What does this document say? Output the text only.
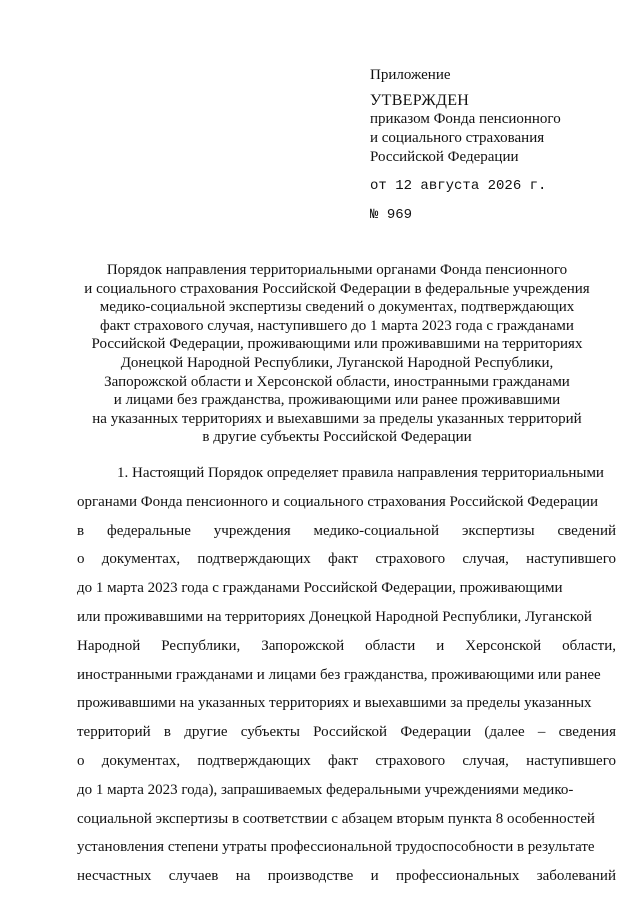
Приложение
УТВЕРЖДЕН
приказом Фонда пенсионного
и социального страхования
Российской Федерации
от 12 августа 2026 г.
№ 969
Порядок направления территориальными органами Фонда пенсионного
и социального страхования Российской Федерации в федеральные учреждения
медико-социальной экспертизы сведений о документах, подтверждающих
факт страхового случая, наступившего до 1 марта 2023 года с гражданами
Российской Федерации, проживающими или проживавшими на территориях
Донецкой Народной Республики, Луганской Народной Республики,
Запорожской области и Херсонской области, иностранными гражданами
и лицами без гражданства, проживающими или ранее проживавшими
на указанных территориях и выехавшими за пределы указанных территорий
в другие субъекты Российской Федерации
1. Настоящий Порядок определяет правила направления территориальными
органами Фонда пенсионного и социального страхования Российской Федерации
в федеральные учреждения медико-социальной экспертизы сведений
о документах, подтверждающих факт страхового случая, наступившего
до 1 марта 2023 года с гражданами Российской Федерации, проживающими
или проживавшими на территориях Донецкой Народной Республики, Луганской
Народной Республики, Запорожской области и Херсонской области,
иностранными гражданами и лицами без гражданства, проживающими или ранее
проживавшими на указанных территориях и выехавшими за пределы указанных
территорий в другие субъекты Российской Федерации (далее – сведения
о документах, подтверждающих факт страхового случая, наступившего
до 1 марта 2023 года), запрашиваемых федеральными учреждениями медико-
социальной экспертизы в соответствии с абзацем вторым пункта 8 особенностей
установления степени утраты профессиональной трудоспособности в результате
несчастных случаев на производстве и профессиональных заболеваний
